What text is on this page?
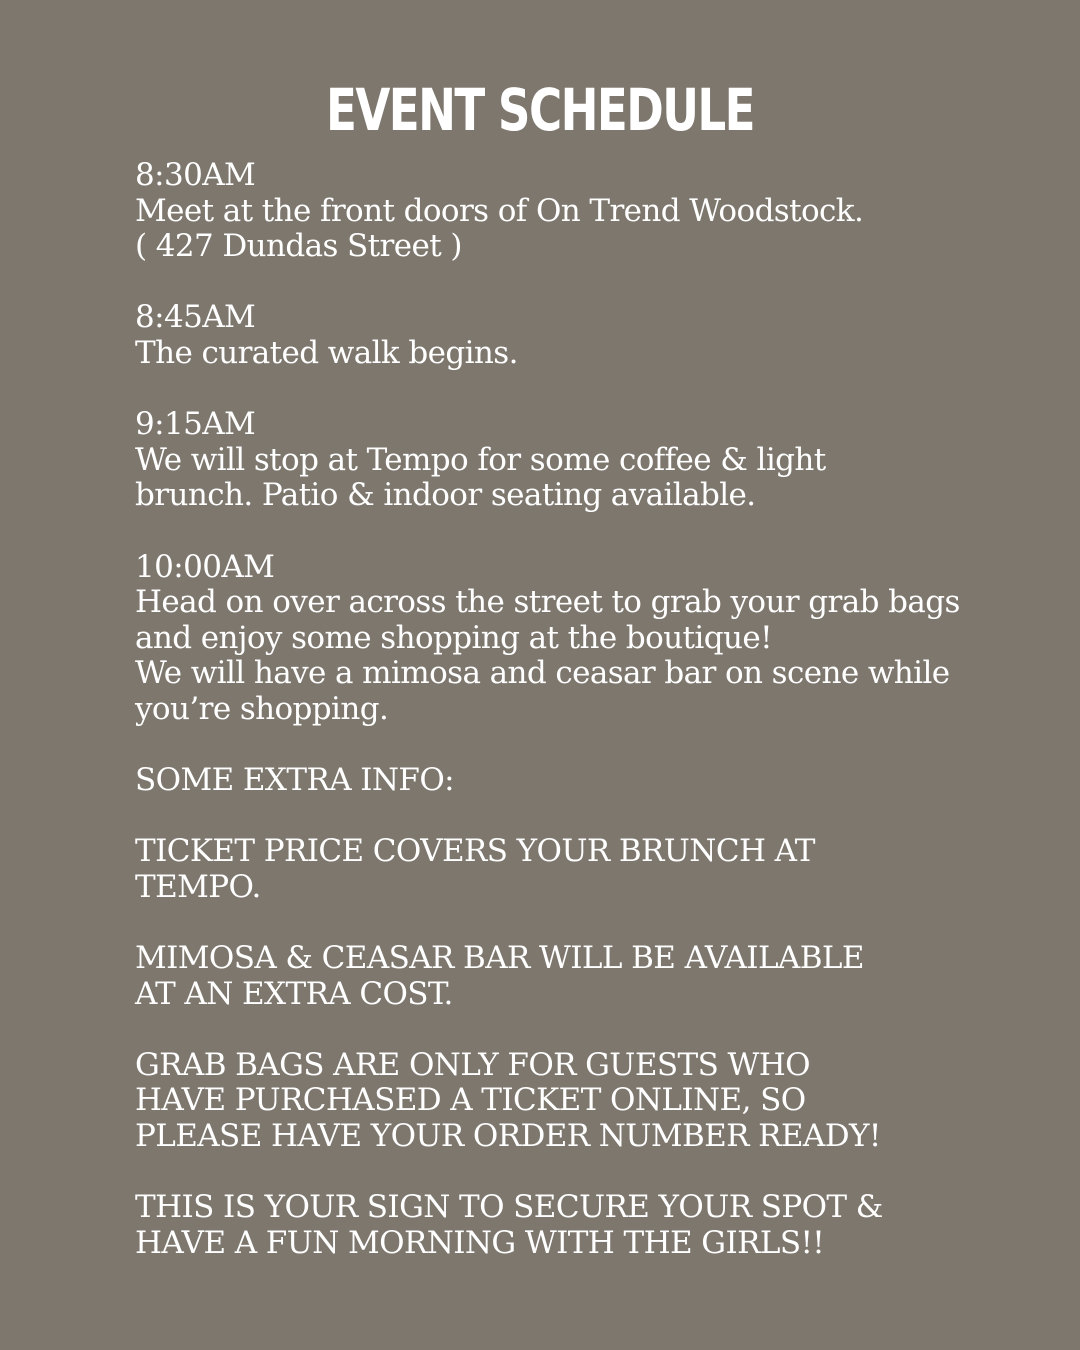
EVENT SCHEDULE
8:30AM
Meet at the front doors of On Trend Woodstock.
( 427 Dundas Street )
8:45AM
The curated walk begins.
9:15AM
We will stop at Tempo for some coffee & light
brunch. Patio & indoor seating available.
10:00AM
Head on over across the street to grab your grab bags
and enjoy some shopping at the boutique!
We will have a mimosa and ceasar bar on scene while
you’re shopping.
SOME EXTRA INFO:
TICKET PRICE COVERS YOUR BRUNCH AT
TEMPO.
MIMOSA & CEASAR BAR WILL BE AVAILABLE
AT AN EXTRA COST.
GRAB BAGS ARE ONLY FOR GUESTS WHO
HAVE PURCHASED A TICKET ONLINE, SO
PLEASE HAVE YOUR ORDER NUMBER READY!
THIS IS YOUR SIGN TO SECURE YOUR SPOT &
HAVE A FUN MORNING WITH THE GIRLS!!
